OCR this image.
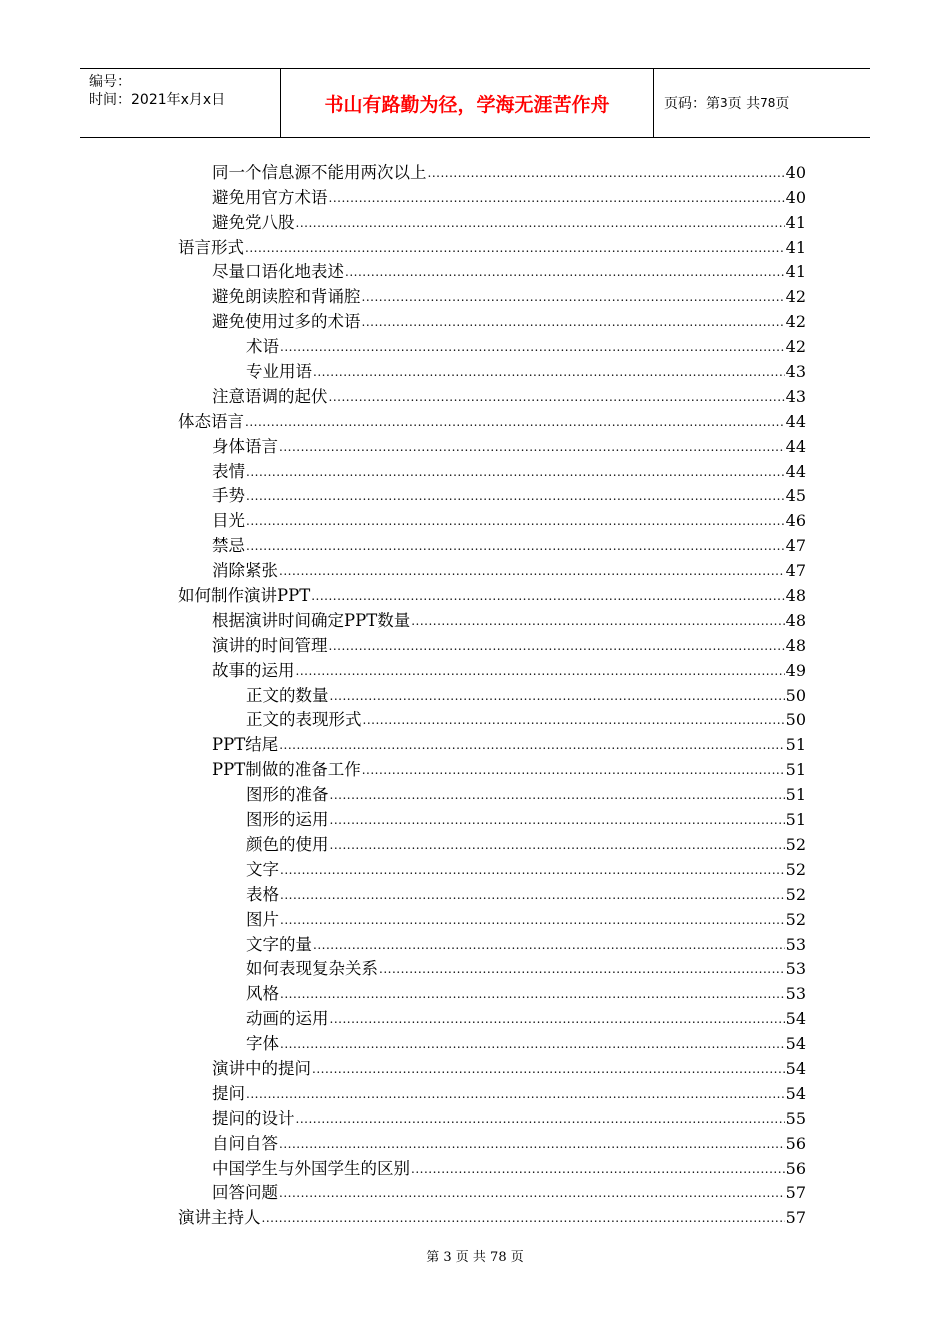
编号：
时间：2021年x月x日	书山有路勤为径，学海无涯苦作舟	页码：第 3 页 共 78 页
同一个信息源不能用两次以上 .....	40
避免用官方术语 .....	40
避免党八股 .....	41
语言形式 .....	41
尽量口语化地表述 .....	41
避免朗读腔和背诵腔 .....	42
避免使用过多的术语 .....	42
术语 .....	42
专业用语 .....	43
注意语调的起伏 .....	43
体态语言 .....	44
身体语言 .....	44
表情 .....	44
手势 .....	45
目光 .....	46
禁忌 .....	47
消除紧张 .....	47
如何制作演讲PPT .....	48
根据演讲时间确定PPT数量 .....	48
演讲的时间管理 .....	48
故事的运用 .....	49
正文的数量 .....	50
正文的表现形式 .....	50
PPT结尾 .....	51
PPT制做的准备工作 .....	51
图形的准备 .....	51
图形的运用 .....	51
颜色的使用 .....	52
文字 .....	52
表格 .....	52
图片 .....	52
文字的量 .....	53
如何表现复杂关系 .....	53
风格 .....	53
动画的运用 .....	54
字体 .....	54
演讲中的提问 .....	54
提问 .....	54
提问的设计 .....	55
自问自答 .....	56
中国学生与外国学生的区别 .....	56
回答问题 .....	57
演讲主持人 .....	57
第 3 页 共 78 页
